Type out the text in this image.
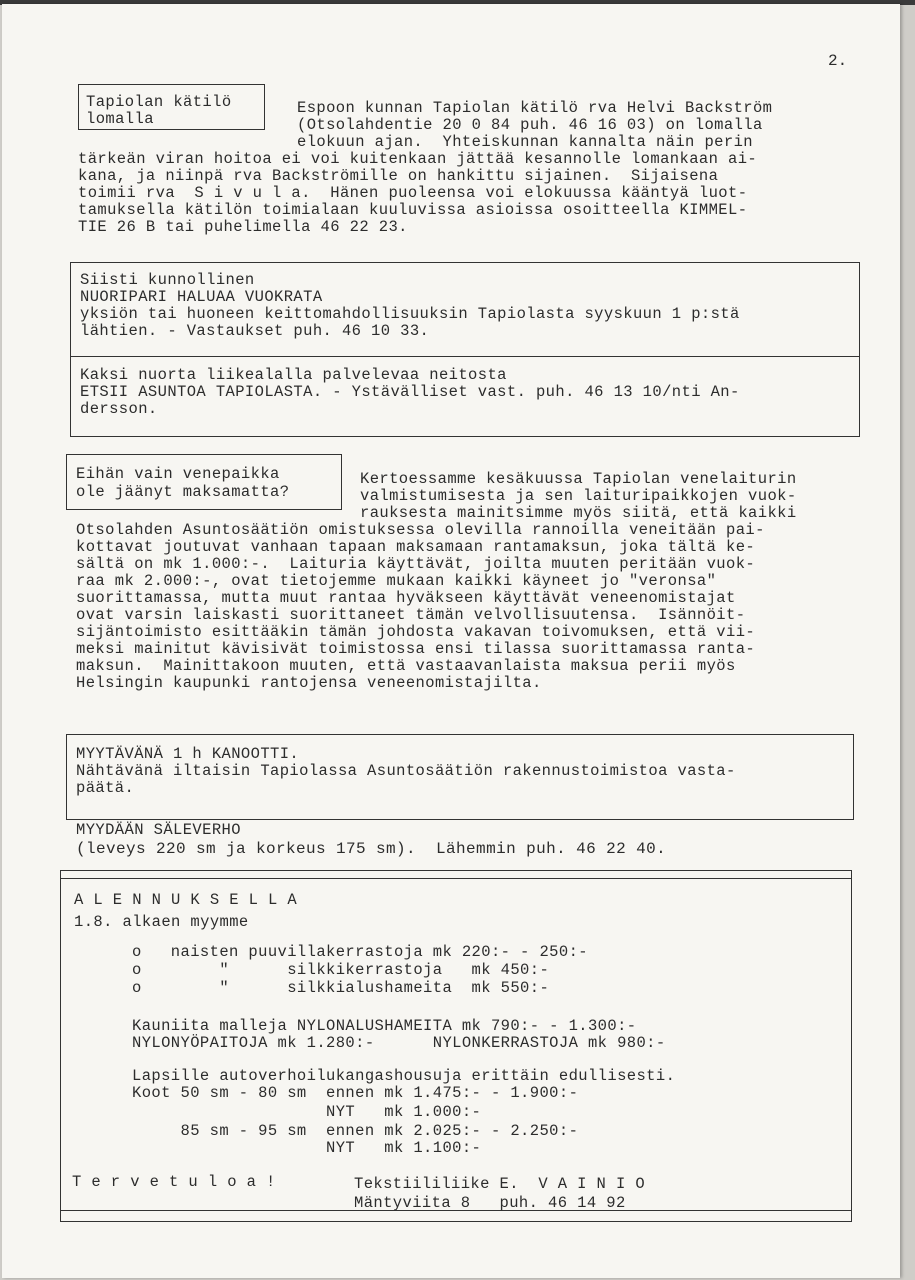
2.
Tapiolan kätilö
lomalla
Espoon kunnan Tapiolan kätilö rva Helvi Backström
(Otsolahdentie 20 0 84 puh. 46 16 03) on lomalla
elokuun ajan.  Yhteiskunnan kannalta näin perin
tärkeän viran hoitoa ei voi kuitenkaan jättää kesannolle lomankaan ai-
kana, ja niinpä rva Backströmille on hankittu sijainen.  Sijaisena
toimii rva  S i v u l a.  Hänen puoleensa voi elokuussa kääntyä luot-
tamuksella kätilön toimialaan kuuluvissa asioissa osoitteella KIMMEL-
TIE 26 B tai puhelimella 46 22 23.
Siisti kunnollinen
NUORIPARI HALUAA VUOKRATA
yksiön tai huoneen keittomahdollisuuksin Tapiolasta syyskuun 1 p:stä
lähtien. - Vastaukset puh. 46 10 33.
Kaksi nuorta liikealalla palvelevaa neitosta
ETSII ASUNTOA TAPIOLASTA. - Ystävälliset vast. puh. 46 13 10/nti An-
dersson.
Eihän vain venepaikka
ole jäänyt maksamatta?
Kertoessamme kesäkuussa Tapiolan venelaiturin
valmistumisesta ja sen laituripaikkojen vuok-
rauksesta mainitsimme myös siitä, että kaikki
Otsolahden Asuntosäätiön omistuksessa olevilla rannoilla veneitään pai-
kottavat joutuvat vanhaan tapaan maksamaan rantamaksun, joka tältä ke-
sältä on mk 1.000:-.  Laituria käyttävät, joilta muuten peritään vuok-
raa mk 2.000:-, ovat tietojemme mukaan kaikki käyneet jo "veronsa"
suorittamassa, mutta muut rantaa hyväkseen käyttävät veneenomistajat
ovat varsin laiskasti suorittaneet tämän velvollisuutensa.  Isännöit-
sijäntoimisto esittääkin tämän johdosta vakavan toivomuksen, että vii-
meksi mainitut kävisivät toimistossa ensi tilassa suorittamassa ranta-
maksun.  Mainittakoon muuten, että vastaavanlaista maksua perii myös
Helsingin kaupunki rantojensa veneenomistajilta.
MYYTÄVÄNÄ 1 h KANOOTTI.
Nähtävänä iltaisin Tapiolassa Asuntosäätiön rakennustoimistoa vasta-
päätä.
MYYDÄÄN SÄLEVERHO
(leveys 220 sm ja korkeus 175 sm).  Lähemmin puh. 46 22 40.
A L E N N U K S E L L A
1.8. alkaen myymme
o   naisten puuvillakerrastoja mk 220:- - 250:-
o        "      silkkikerrastoja   mk 450:-
o        "      silkkialushameita  mk 550:-
Kauniita malleja NYLONALUSHAMEITA mk 790:- - 1.300:-
NYLONYÖPAITOJA mk 1.280:-      NYLONKERRASTOJA mk 980:-
Lapsille autoverhoilukangashousuja erittäin edullisesti.
Koot 50 sm - 80 sm  ennen mk 1.475:- - 1.900:-
NYT   mk 1.000:-
85 sm - 95 sm  ennen mk 2.025:- - 2.250:-
NYT   mk 1.100:-
T e r v e t u l o a !	Tekstiililiike E.  V A I N I O
Mäntyviita 8   puh. 46 14 92
